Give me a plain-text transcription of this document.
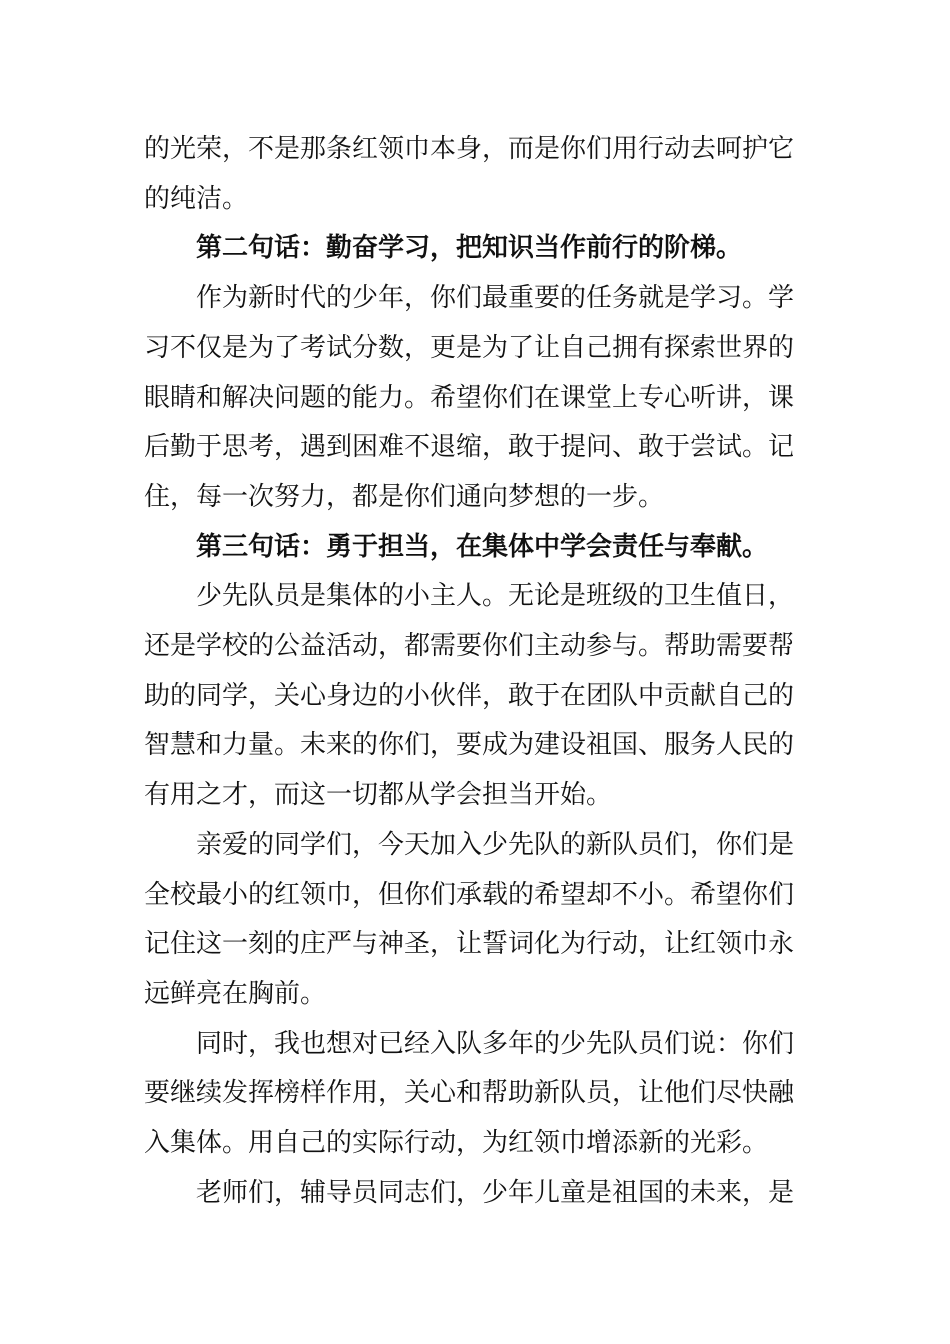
的光荣，不是那条红领巾本身，而是你们用行动去呵护它
的纯洁。

第二句话：勤奋学习，把知识当作前行的阶梯。

作为新时代的少年，你们最重要的任务就是学习。学
习不仅是为了考试分数，更是为了让自己拥有探索世界的
眼睛和解决问题的能力。希望你们在课堂上专心听讲，课
后勤于思考，遇到困难不退缩，敢于提问、敢于尝试。记
住，每一次努力，都是你们通向梦想的一步。

第三句话：勇于担当，在集体中学会责任与奉献。

少先队员是集体的小主人。无论是班级的卫生值日，
还是学校的公益活动，都需要你们主动参与。帮助需要帮
助的同学，关心身边的小伙伴，敢于在团队中贡献自己的
智慧和力量。未来的你们，要成为建设祖国、服务人民的
有用之才，而这一切都从学会担当开始。

亲爱的同学们，今天加入少先队的新队员们，你们是
全校最小的红领巾，但你们承载的希望却不小。希望你们
记住这一刻的庄严与神圣，让誓词化为行动，让红领巾永
远鲜亮在胸前。

同时，我也想对已经入队多年的少先队员们说：你们
要继续发挥榜样作用，关心和帮助新队员，让他们尽快融
入集体。用自己的实际行动，为红领巾增添新的光彩。

老师们，辅导员同志们，少年儿童是祖国的未来，是
